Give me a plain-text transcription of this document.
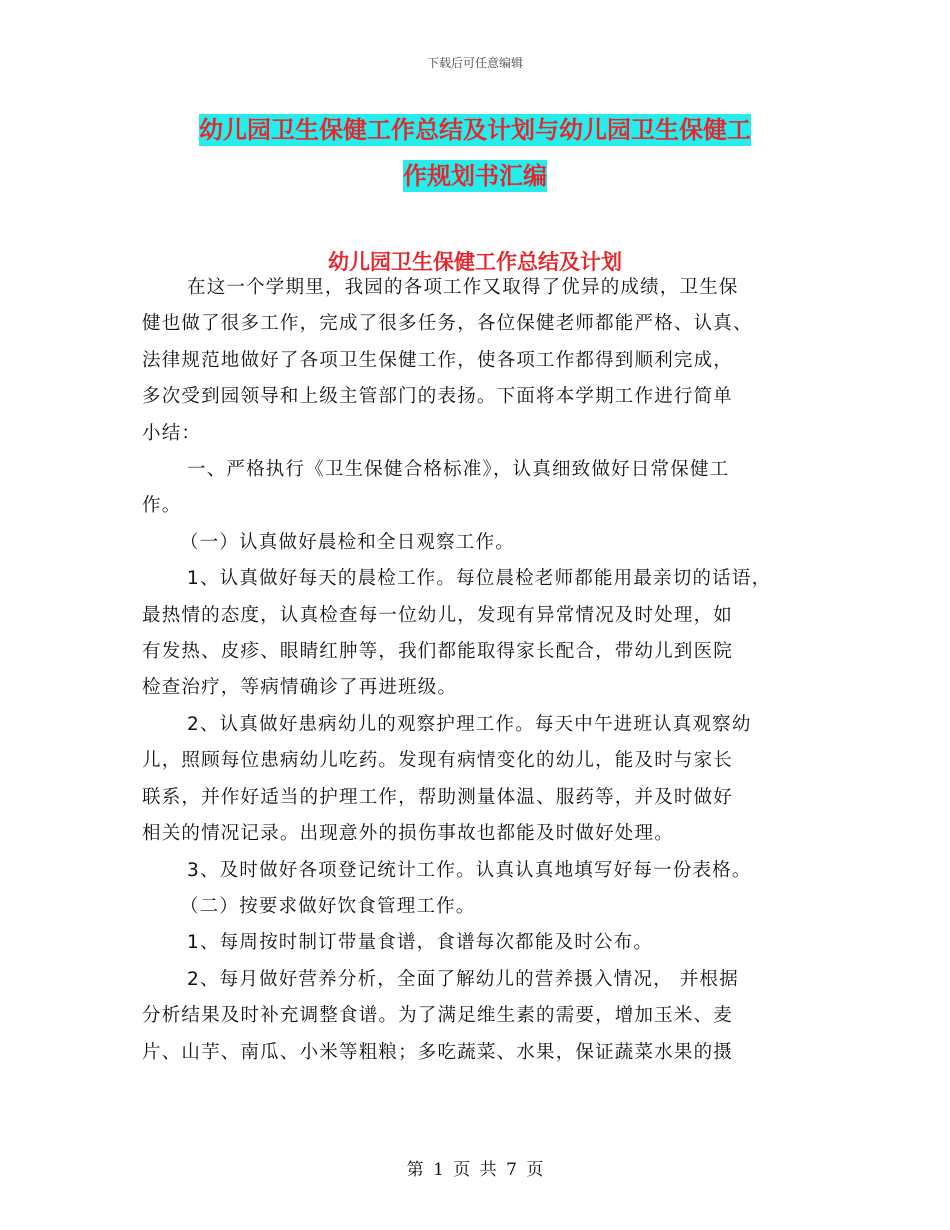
下载后可任意编辑
幼儿园卫生保健工作总结及计划与幼儿园卫生保健工
作规划书汇编
幼儿园卫生保健工作总结及计划
在这一个学期里，我园的各项工作又取得了优异的成绩，卫生保
健也做了很多工作，完成了很多任务，各位保健老师都能严格、认真、
法律规范地做好了各项卫生保健工作，使各项工作都得到顺利完成，
多次受到园领导和上级主管部门的表扬。下面将本学期工作进行简单
小结：
一、严格执行《卫生保健合格标准》，认真细致做好日常保健工
作。
（一）认真做好晨检和全日观察工作。
1、认真做好每天的晨检工作。每位晨检老师都能用最亲切的话语，
最热情的态度，认真检查每一位幼儿，发现有异常情况及时处理，如
有发热、皮疹、眼睛红肿等，我们都能取得家长配合，带幼儿到医院
检查治疗，等病情确诊了再进班级。
2、认真做好患病幼儿的观察护理工作。每天中午进班认真观察幼
儿，照顾每位患病幼儿吃药。发现有病情变化的幼儿，能及时与家长
联系，并作好适当的护理工作，帮助测量体温、服药等，并及时做好
相关的情况记录。出现意外的损伤事故也都能及时做好处理。
3、及时做好各项登记统计工作。认真认真地填写好每一份表格。
（二）按要求做好饮食管理工作。
1、每周按时制订带量食谱，食谱每次都能及时公布。
2、每月做好营养分析，全面了解幼儿的营养摄入情况， 并根据
分析结果及时补充调整食谱。为了满足维生素的需要，增加玉米、麦
片、山芋、南瓜、小米等粗粮；多吃蔬菜、水果，保证蔬菜水果的摄
第 1 页 共 7 页
